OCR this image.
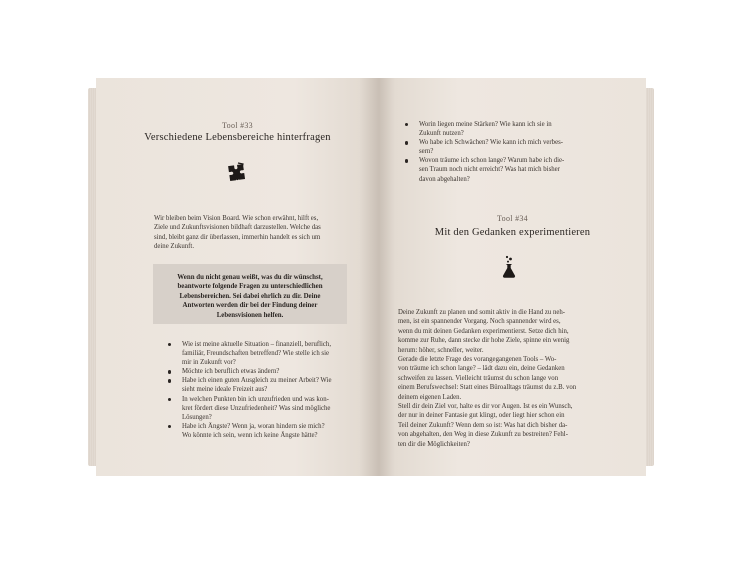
Tool #33
Verschiedene Lebensbereiche hinterfragen
Wir bleiben beim Vision Board. Wie schon erwähnt, hilft es,
Ziele und Zukunftsvisionen bildhaft darzustellen. Welche das
sind, bleibt ganz dir überlassen, immerhin handelt es sich um
deine Zukunft.
Wenn du nicht genau weißt, was du dir wünschst,
beantworte folgende Fragen zu unterschiedlichen
Lebensbereichen. Sei dabei ehrlich zu dir. Deine
Antworten werden dir bei der Findung deiner
Lebensvisionen helfen.
Wie ist meine aktuelle Situation – finanziell, beruflich,
familiär, Freundschaften betreffend? Wie stelle ich sie
mir in Zukunft vor?
Möchte ich beruflich etwas ändern?
Habe ich einen guten Ausgleich zu meiner Arbeit? Wie
sieht meine ideale Freizeit aus?
In welchen Punkten bin ich unzufrieden und was kon-
kret fördert diese Unzufriedenheit? Was sind mögliche
Lösungen?
Habe ich Ängste? Wenn ja, woran hindern sie mich?
Wo könnte ich sein, wenn ich keine Ängste hätte?
Worin liegen meine Stärken? Wie kann ich sie in
Zukunft nutzen?
Wo habe ich Schwächen? Wie kann ich mich verbes-
sern?
Wovon träume ich schon lange? Warum habe ich die-
sen Traum noch nicht erreicht? Was hat mich bisher
davon abgehalten?
Tool #34
Mit den Gedanken experimentieren
Deine Zukunft zu planen und somit aktiv in die Hand zu neh-
men, ist ein spannender Vorgang. Noch spannender wird es,
wenn du mit deinen Gedanken experimentierst. Setze dich hin,
komme zur Ruhe, dann stecke dir hohe Ziele, spinne ein wenig
herum: höher, schneller, weiter.
Gerade die letzte Frage des vorangegangenen Tools – Wo-
von träume ich schon lange? – lädt dazu ein, deine Gedanken
schweifen zu lassen. Vielleicht träumst du schon lange von
einem Berufswechsel: Statt eines Büroalltags träumst du z.B. von
deinem eigenen Laden.
Stell dir dein Ziel vor, halte es dir vor Augen. Ist es ein Wunsch,
der nur in deiner Fantasie gut klingt, oder liegt hier schon ein
Teil deiner Zukunft? Wenn dem so ist: Was hat dich bisher da-
von abgehalten, den Weg in diese Zukunft zu bestreiten? Fehl-
ten dir die Möglichkeiten?
